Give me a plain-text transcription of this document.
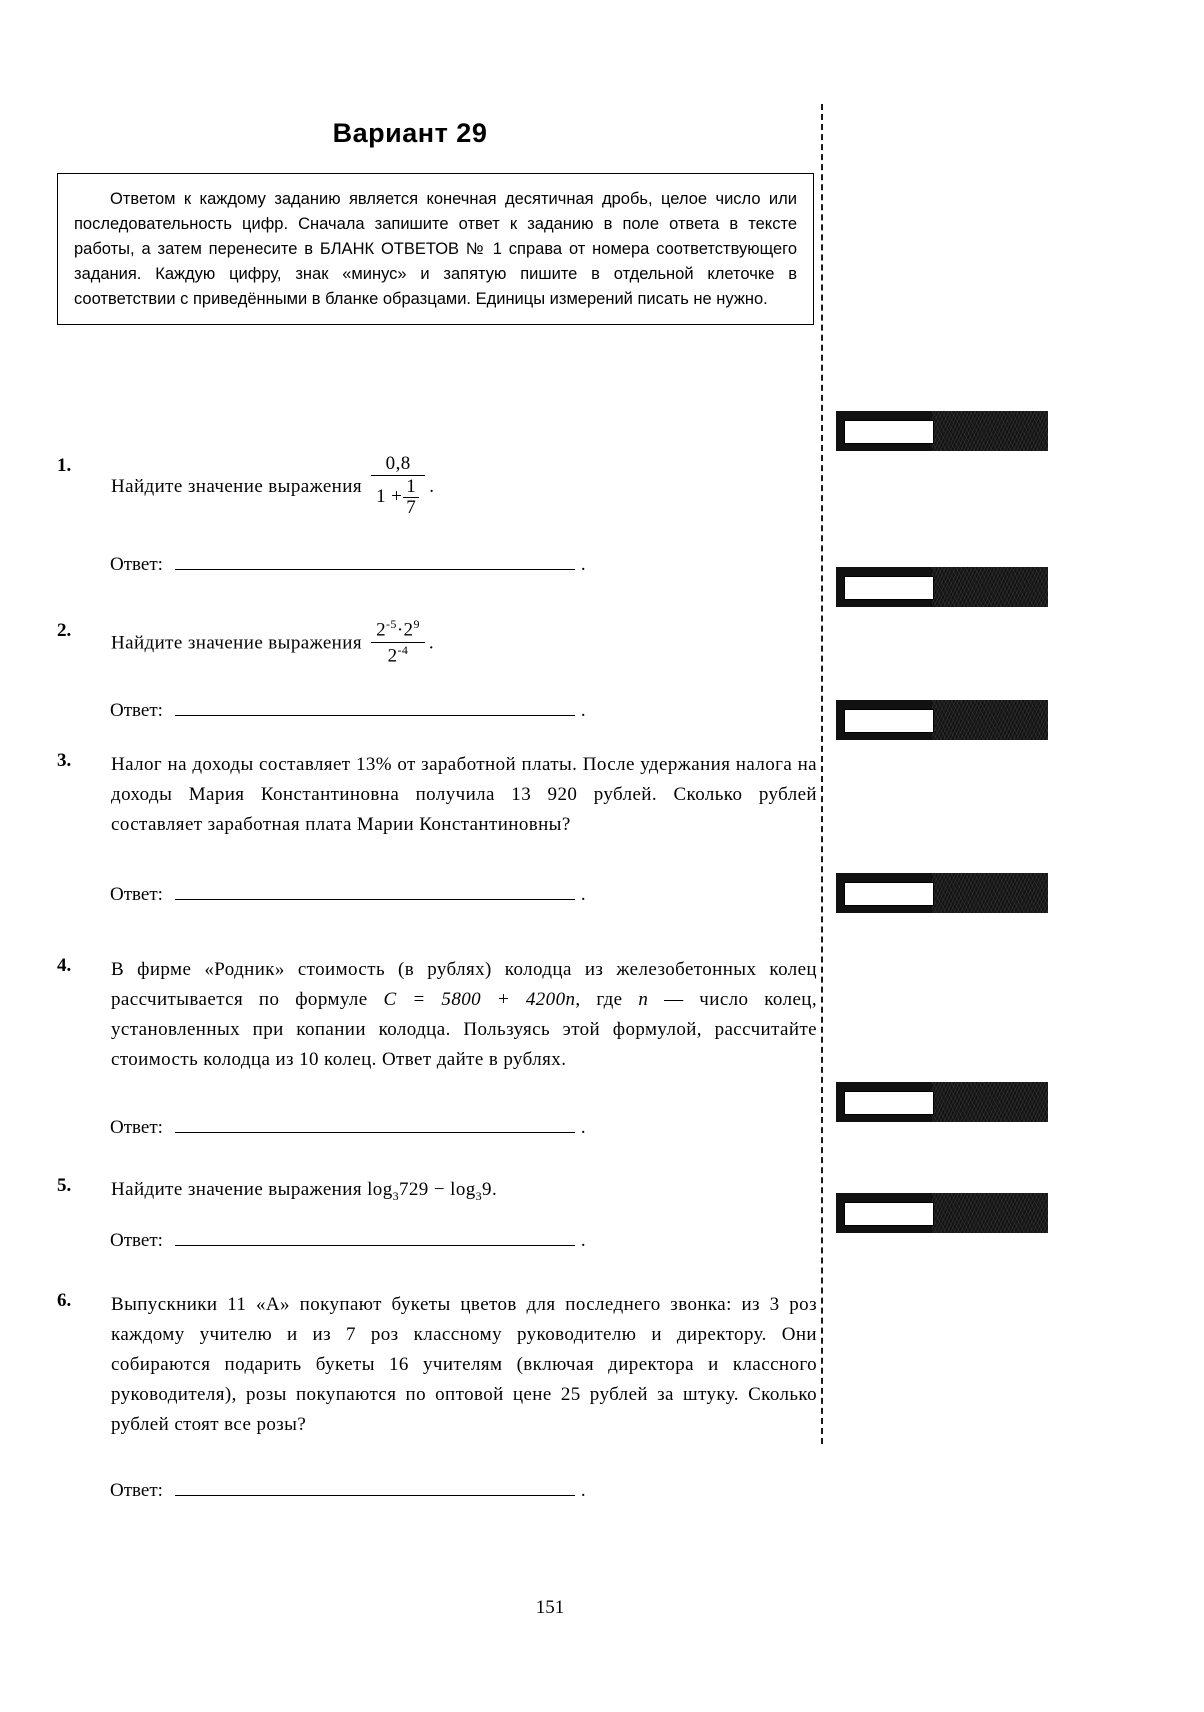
Вариант 29
Ответом к каждому заданию является конечная десятичная дробь, целое число или последовательность цифр. Сначала запишите ответ к заданию в поле ответа в тексте работы, а затем перенесите в БЛАНК ОТВЕТОВ № 1 справа от номера соответствующего задания. Каждую цифру, знак «минус» и запятую пишите в отдельной клеточке в соответствии с приведёнными в бланке образцами. Единицы измерений писать не нужно.
1.
Найдите значение выражения $\frac{0,8}{1 + \frac{1}{7}}$ .
Ответ:	.
2.
Найдите значение выражения $\frac{2^{-5}\cdot 2^9}{2^{-4}}$ .
Ответ:	.
3.	Налог на доходы составляет 13% от заработной платы. После удержания налога на доходы Мария Константиновна получила 13 920 рублей. Сколько рублей составляет заработная плата Марии Константиновны?
Ответ:	.
4.	В фирме «Родник» стоимость (в рублях) колодца из железобетонных колец рассчитывается по формуле C = 5800 + 4200n, где n — число колец, установленных при копании колодца. Пользуясь этой формулой, рассчитайте стоимость колодца из 10 колец. Ответ дайте в рублях.
Ответ:	.
5.	Найдите значение выражения $\log_3729 - \log_39$.
Ответ:	.
6.	Выпускники 11 «А» покупают букеты цветов для последнего звонка: из 3 роз каждому учителю и из 7 роз классному руководителю и директору. Они собираются подарить букеты 16 учителям (включая директора и классного руководителя), розы покупаются по оптовой цене 25 рублей за штуку. Сколько рублей стоят все розы?
Ответ:	.
151
